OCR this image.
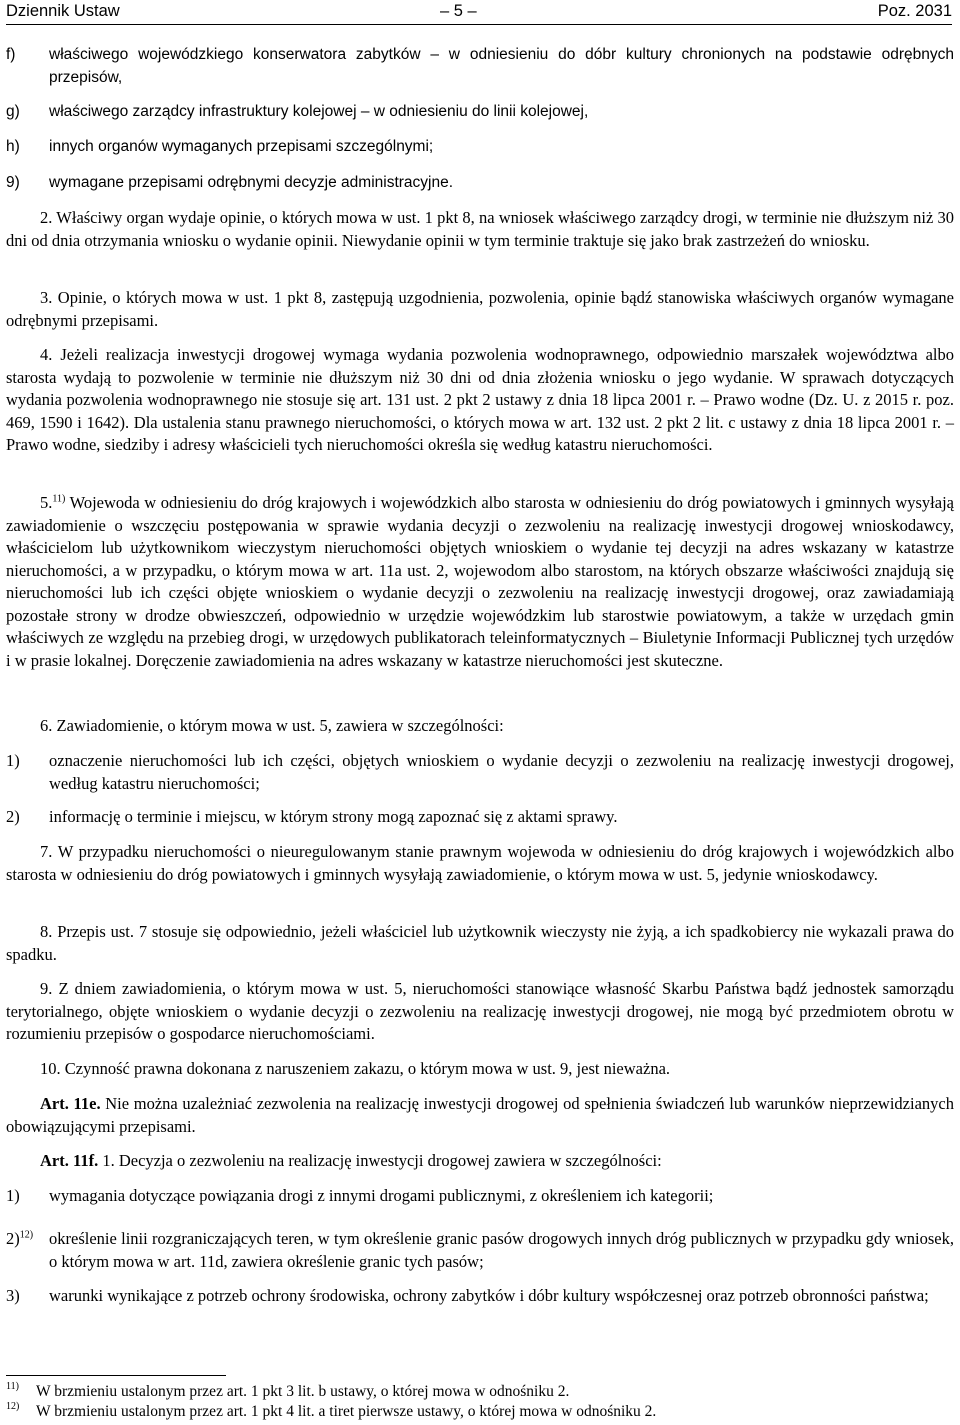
Dziennik Ustaw	– 5 –	Poz. 2031
f) właściwego wojewódzkiego konserwatora zabytków – w odniesieniu do dóbr kultury chronionych na podstawie odrębnych przepisów,
g) właściwego zarządcy infrastruktury kolejowej – w odniesieniu do linii kolejowej,
h) innych organów wymaganych przepisami szczególnymi;
9) wymagane przepisami odrębnymi decyzje administracyjne.
2. Właściwy organ wydaje opinie, o których mowa w ust. 1 pkt 8, na wniosek właściwego zarządcy drogi, w terminie nie dłuższym niż 30 dni od dnia otrzymania wniosku o wydanie opinii. Niewydanie opinii w tym terminie traktuje się jako brak zastrzeżeń do wniosku.
3. Opinie, o których mowa w ust. 1 pkt 8, zastępują uzgodnienia, pozwolenia, opinie bądź stanowiska właściwych organów wymagane odrębnymi przepisami.
4. Jeżeli realizacja inwestycji drogowej wymaga wydania pozwolenia wodnoprawnego, odpowiednio marszałek województwa albo starosta wydają to pozwolenie w terminie nie dłuższym niż 30 dni od dnia złożenia wniosku o jego wydanie. W sprawach dotyczących wydania pozwolenia wodnoprawnego nie stosuje się art. 131 ust. 2 pkt 2 ustawy z dnia 18 lipca 2001 r. – Prawo wodne (Dz. U. z 2015 r. poz. 469, 1590 i 1642). Dla ustalenia stanu prawnego nieruchomości, o których mowa w art. 132 ust. 2 pkt 2 lit. c ustawy z dnia 18 lipca 2001 r. – Prawo wodne, siedziby i adresy właścicieli tych nieruchomości określa się według katastru nieruchomości.
5.$^{11)}$ Wojewoda w odniesieniu do dróg krajowych i wojewódzkich albo starosta w odniesieniu do dróg powiatowych i gminnych wysyłają zawiadomienie o wszczęciu postępowania w sprawie wydania decyzji o zezwoleniu na realizację inwestycji drogowej wnioskodawcy, właścicielom lub użytkownikom wieczystym nieruchomości objętych wnioskiem o wydanie tej decyzji na adres wskazany w katastrze nieruchomości, a w przypadku, o którym mowa w art. 11a ust. 2, wojewodom albo starostom, na których obszarze właściwości znajdują się nieruchomości lub ich części objęte wnioskiem o wydanie decyzji o zezwoleniu na realizację inwestycji drogowej, oraz zawiadamiają pozostałe strony w drodze obwieszczeń, odpowiednio w urzędzie wojewódzkim lub starostwie powiatowym, a także w urzędach gmin właściwych ze względu na przebieg drogi, w urzędowych publikatorach teleinformatycznych – Biuletynie Informacji Publicznej tych urzędów i w prasie lokalnej. Doręczenie zawiadomienia na adres wskazany w katastrze nieruchomości jest skuteczne.
6. Zawiadomienie, o którym mowa w ust. 5, zawiera w szczególności:
1) oznaczenie nieruchomości lub ich części, objętych wnioskiem o wydanie decyzji o zezwoleniu na realizację inwestycji drogowej, według katastru nieruchomości;
2) informację o terminie i miejscu, w którym strony mogą zapoznać się z aktami sprawy.
7. W przypadku nieruchomości o nieuregulowanym stanie prawnym wojewoda w odniesieniu do dróg krajowych i wojewódzkich albo starosta w odniesieniu do dróg powiatowych i gminnych wysyłają zawiadomienie, o którym mowa w ust. 5, jedynie wnioskodawcy.
8. Przepis ust. 7 stosuje się odpowiednio, jeżeli właściciel lub użytkownik wieczysty nie żyją, a ich spadkobiercy nie wykazali prawa do spadku.
9. Z dniem zawiadomienia, o którym mowa w ust. 5, nieruchomości stanowiące własność Skarbu Państwa bądź jednostek samorządu terytorialnego, objęte wnioskiem o wydanie decyzji o zezwoleniu na realizację inwestycji drogowej, nie mogą być przedmiotem obrotu w rozumieniu przepisów o gospodarce nieruchomościami.
10. Czynność prawna dokonana z naruszeniem zakazu, o którym mowa w ust. 9, jest nieważna.
Art. 11e. Nie można uzależniać zezwolenia na realizację inwestycji drogowej od spełnienia świadczeń lub warunków nieprzewidzianych obowiązującymi przepisami.
Art. 11f. 1. Decyzja o zezwoleniu na realizację inwestycji drogowej zawiera w szczególności:
1) wymagania dotyczące powiązania drogi z innymi drogami publicznymi, z określeniem ich kategorii;
2)$^{12)}$ określenie linii rozgraniczających teren, w tym określenie granic pasów drogowych innych dróg publicznych w przypadku gdy wniosek, o którym mowa w art. 11d, zawiera określenie granic tych pasów;
3) warunki wynikające z potrzeb ochrony środowiska, ochrony zabytków i dóbr kultury współczesnej oraz potrzeb obronności państwa;
11) W brzmieniu ustalonym przez art. 1 pkt 3 lit. b ustawy, o której mowa w odnośniku 2.
12) W brzmieniu ustalonym przez art. 1 pkt 4 lit. a tiret pierwsze ustawy, o której mowa w odnośniku 2.
